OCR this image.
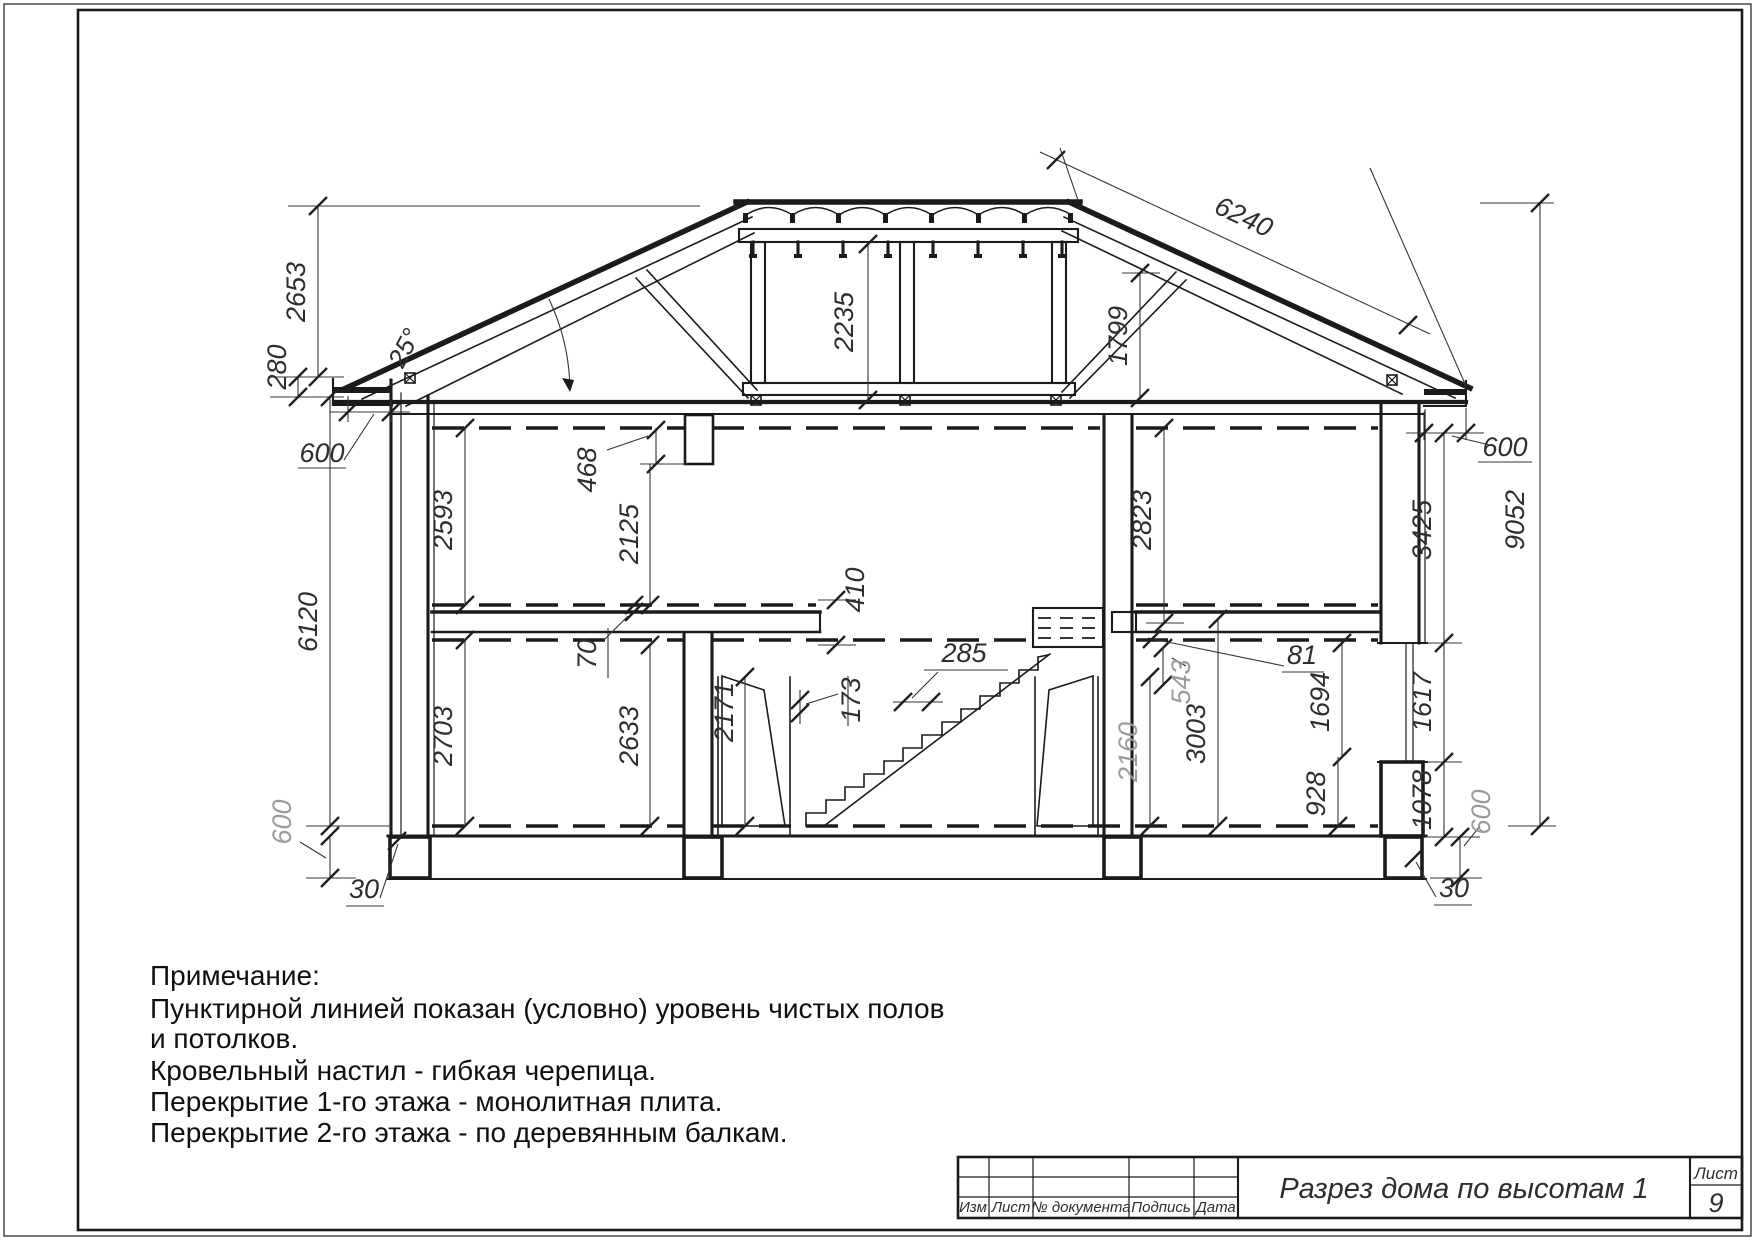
2653
280
600
6120
600
30
2593
2703
468
2125
70
2633
410
2171	173
285
2235
25°
6240
1799
2823
600
3425
1617
1078
9052
543
2160 3003
81
1694
928	600
30
Примечание:
Пунктирной линией показан (условно) уровень чистых полов
и потолков.
Кровельный настил - гибкая черепица.
Перекрытие 1-го этажа - монолитная плита.
Перекрытие 2-го этажа - по деревянным балкам.
Изм Лист № документа Подпись Дата
Разрез дома по высотам 1	Лист
9
